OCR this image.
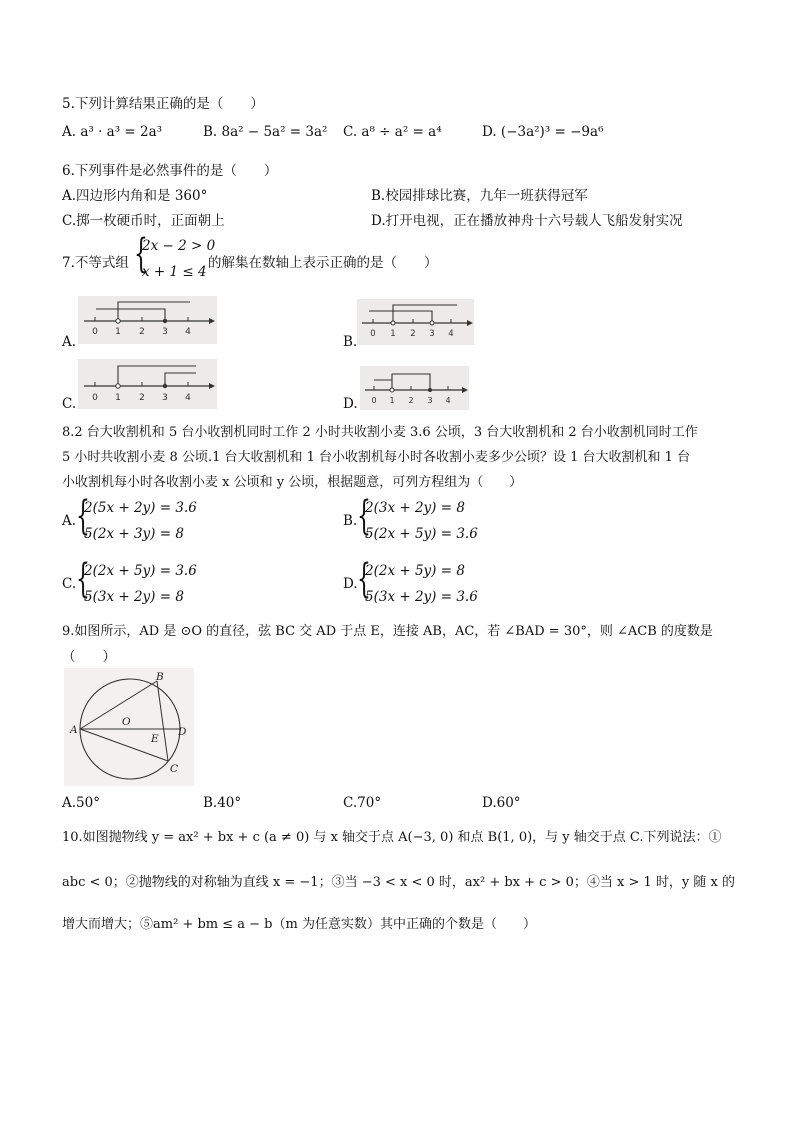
5.下列计算结果正确的是（　　）
A. a³ · a³ = 2a³	B. 8a² − 5a² = 3a² C. a⁸ ÷ a² = a⁴	D. (−3a²)³ = −9a⁶
6.下列事件是必然事件的是（　　）
A.四边形内角和是 360°	B.校园排球比赛，九年一班获得冠军
C.掷一枚硬币时，正面朝上	D.打开电视，正在播放神舟十六号载人飞船发射实况
7.不等式组 {
2x − 2 > 0
x + 1 ≤ 4
的解集在数轴上表示正确的是（　　）
A.
0 1 2 3 4
B. 0 1 2 3 4
C. 0 1 2 3 4	D. 0 1 2 3 4
8.2 台大收割机和 5 台小收割机同时工作 2 小时共收割小麦 3.6 公顷，3 台大收割机和 2 台小收割机同时工作
5 小时共收割小麦 8 公顷.1 台大收割机和 1 台小收割机每小时各收割小麦多少公顷？设 1 台大收割机和 1 台
小收割机每小时各收割小麦 x 公顷和 y 公顷，根据题意，可列方程组为（　　）
A. {
2(5x + 2y) = 3.6
5(2x + 3y) = 8
B. {
2(3x + 2y) = 8
5(2x + 5y) = 3.6
C. {
2(2x + 5y) = 3.6
5(3x + 2y) = 8
D. {
2(2x + 5y) = 8
5(3x + 2y) = 3.6
9.如图所示，AD 是 ⊙O 的直径，弦 BC 交 AD 于点 E，连接 AB，AC，若 ∠BAD = 30°，则 ∠ACB 的度数是
（　　）
A
B
C
D
O
E
A.50°	B.40°	C.70°	D.60°
10.如图抛物线 y = ax² + bx + c (a ≠ 0) 与 x 轴交于点 A(−3, 0) 和点 B(1, 0)，与 y 轴交于点 C.下列说法：①
abc < 0；②抛物线的对称轴为直线 x = −1；③当 −3 < x < 0 时，ax² + bx + c > 0；④当 x > 1 时，y 随 x 的
增大而增大；⑤am² + bm ≤ a − b（m 为任意实数）其中正确的个数是（　　）
